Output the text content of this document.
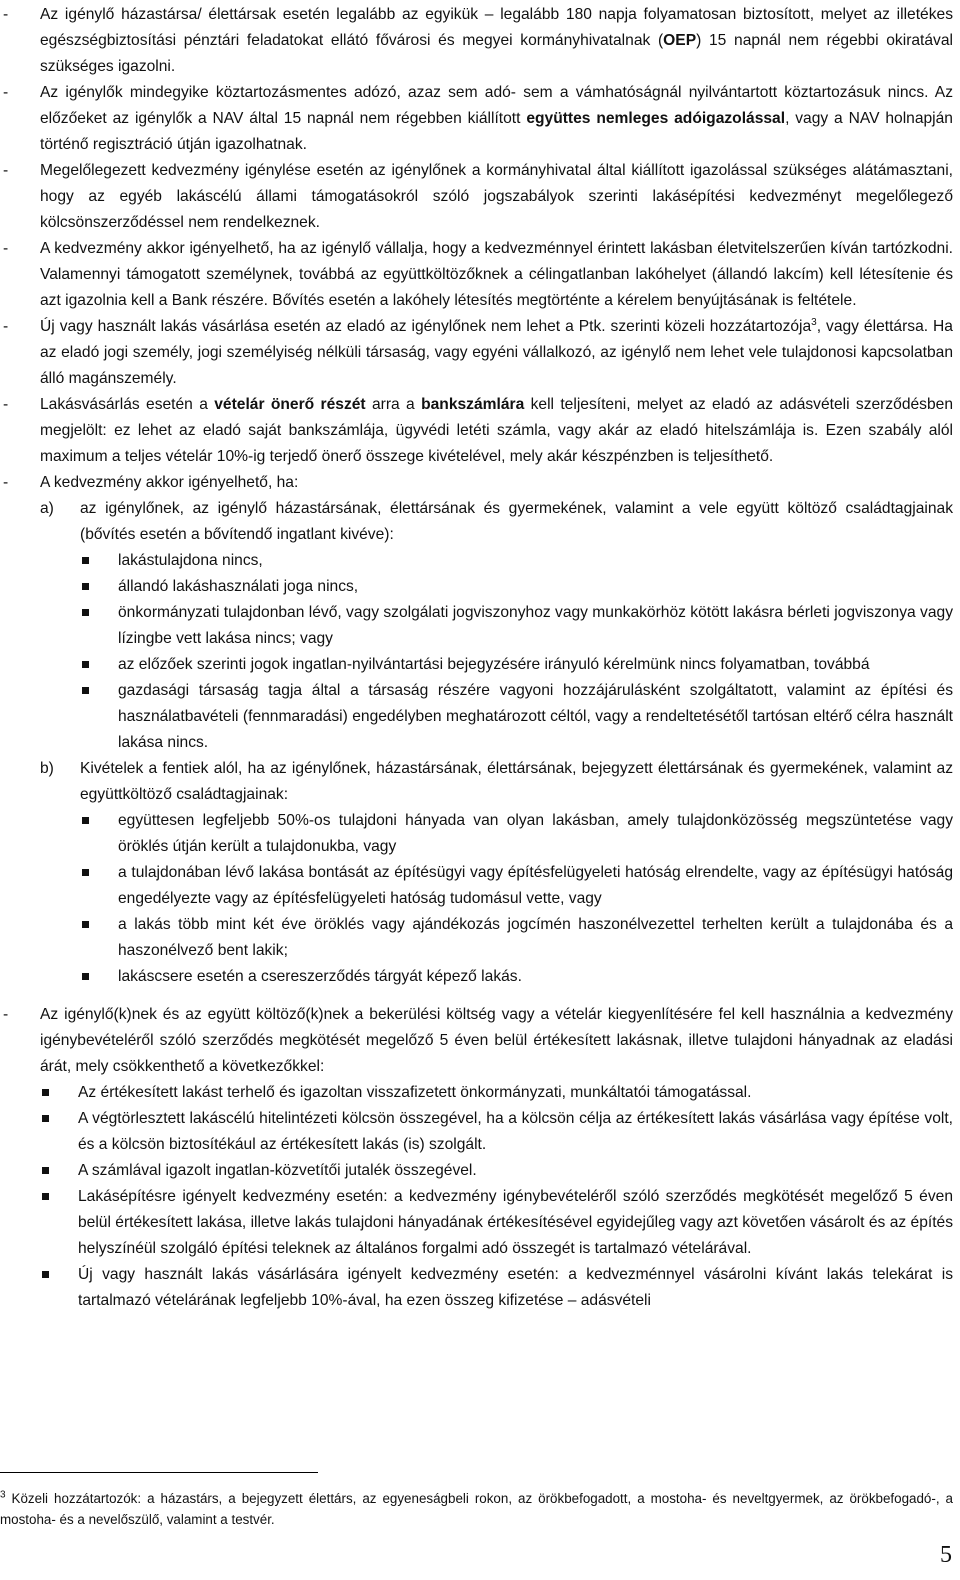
- Az igénylő házastársa/ élettársak esetén legalább az egyikük – legalább 180 napja folyamatosan biztosított, melyet az illetékes egészségbiztosítási pénztári feladatokat ellátó fővárosi és megyei kormányhivatalnak (OEP) 15 napnál nem régebbi okiratával szükséges igazolni.
- Az igénylők mindegyike köztartozásmentes adózó, azaz sem adó- sem a vámhatóságnál nyilvántartott köztartozásuk nincs. Az előzőeket az igénylők a NAV által 15 napnál nem régebben kiállított együttes nemleges adóigazolással, vagy a NAV holnapján történő regisztráció útján igazolhatnak.
- Megelőlegezett kedvezmény igénylése esetén az igénylőnek a kormányhivatal által kiállított igazolással szükséges alátámasztani, hogy az egyéb lakáscélú állami támogatásokról szóló jogszabályok szerinti lakásépítési kedvezményt megelőlegező kölcsönszerződéssel nem rendelkeznek.
- A kedvezmény akkor igényelhető, ha az igénylő vállalja, hogy a kedvezménnyel érintett lakásban életvitelszerűen kíván tartózkodni. Valamennyi támogatott személynek, továbbá az együttköltözőknek a célingatlanban lakóhelyet (állandó lakcím) kell létesítenie és azt igazolnia kell a Bank részére. Bővítés esetén a lakóhely létesítés megtörténte a kérelem benyújtásának is feltétele.
- Új vagy használt lakás vásárlása esetén az eladó az igénylőnek nem lehet a Ptk. szerinti közeli hozzátartozója$^3$, vagy élettársa. Ha az eladó jogi személy, jogi személyiség nélküli társaság, vagy egyéni vállalkozó, az igénylő nem lehet vele tulajdonosi kapcsolatban álló magánszemély.
- Lakásvásárlás esetén a vételár önerő részét arra a bankszámlára kell teljesíteni, melyet az eladó az adásvételi szerződésben megjelölt: ez lehet az eladó saját bankszámlája, ügyvédi letéti számla, vagy akár az eladó hitelszámlája is. Ezen szabály alól maximum a teljes vételár 10%-ig terjedő önerő összege kivételével, mely akár készpénzben is teljesíthető.
- A kedvezmény akkor igényelhető, ha:
a) az igénylőnek, az igénylő házastársának, élettársának és gyermekének, valamint a vele együtt költöző családtagjainak (bővítés esetén a bővítendő ingatlant kivéve):
lakástulajdona nincs,
állandó lakáshasználati joga nincs,
önkormányzati tulajdonban lévő, vagy szolgálati jogviszonyhoz vagy munkakörhöz kötött lakásra bérleti jogviszonya vagy lízingbe vett lakása nincs; vagy
az előzőek szerinti jogok ingatlan-nyilvántartási bejegyzésére irányuló kérelmünk nincs folyamatban, továbbá
gazdasági társaság tagja által a társaság részére vagyoni hozzájárulásként szolgáltatott, valamint az építési és használatbavételi (fennmaradási) engedélyben meghatározott céltól, vagy a rendeltetésétől tartósan eltérő célra használt lakása nincs.
b) Kivételek a fentiek alól, ha az igénylőnek, házastársának, élettársának, bejegyzett élettársának és gyermekének, valamint az együttköltöző családtagjainak:
együttesen legfeljebb 50%-os tulajdoni hányada van olyan lakásban, amely tulajdonközösség megszüntetése vagy öröklés útján került a tulajdonukba, vagy
a tulajdonában lévő lakása bontását az építésügyi vagy építésfelügyeleti hatóság elrendelte, vagy az építésügyi hatóság engedélyezte vagy az építésfelügyeleti hatóság tudomásul vette, vagy
a lakás több mint két éve öröklés vagy ajándékozás jogcímén haszonélvezettel terhelten került a tulajdonába és a haszonélvező bent lakik;
lakáscsere esetén a csereszerződés tárgyát képező lakás.
- Az igénylő(k)nek és az együtt költöző(k)nek a bekerülési költség vagy a vételár kiegyenlítésére fel kell használnia a kedvezmény igénybevételéről szóló szerződés megkötését megelőző 5 éven belül értékesített lakásnak, illetve tulajdoni hányadnak az eladási árát, mely csökkenthető a következőkkel:
Az értékesített lakást terhelő és igazoltan visszafizetett önkormányzati, munkáltatói támogatással.
A végtörlesztett lakáscélú hitelintézeti kölcsön összegével, ha a kölcsön célja az értékesített lakás vásárlása vagy építése volt, és a kölcsön biztosítékául az értékesített lakás (is) szolgált.
A számlával igazolt ingatlan-közvetítői jutalék összegével.
Lakásépítésre igényelt kedvezmény esetén: a kedvezmény igénybevételéről szóló szerződés megkötését megelőző 5 éven belül értékesített lakása, illetve lakás tulajdoni hányadának értékesítésével egyidejűleg vagy azt követően vásárolt és az építés helyszínéül szolgáló építési teleknek az általános forgalmi adó összegét is tartalmazó vételárával.
Új vagy használt lakás vásárlására igényelt kedvezmény esetén: a kedvezménnyel vásárolni kívánt lakás telekárat is tartalmazó vételárának legfeljebb 10%-ával, ha ezen összeg kifizetése – adásvételi
$^3$ Közeli hozzátartozók: a házastárs, a bejegyzett élettárs, az egyeneságbeli rokon, az örökbefogadott, a mostoha- és neveltgyermek, az örökbefogadó-, a mostoha- és a nevelőszülő, valamint a testvér.
5
